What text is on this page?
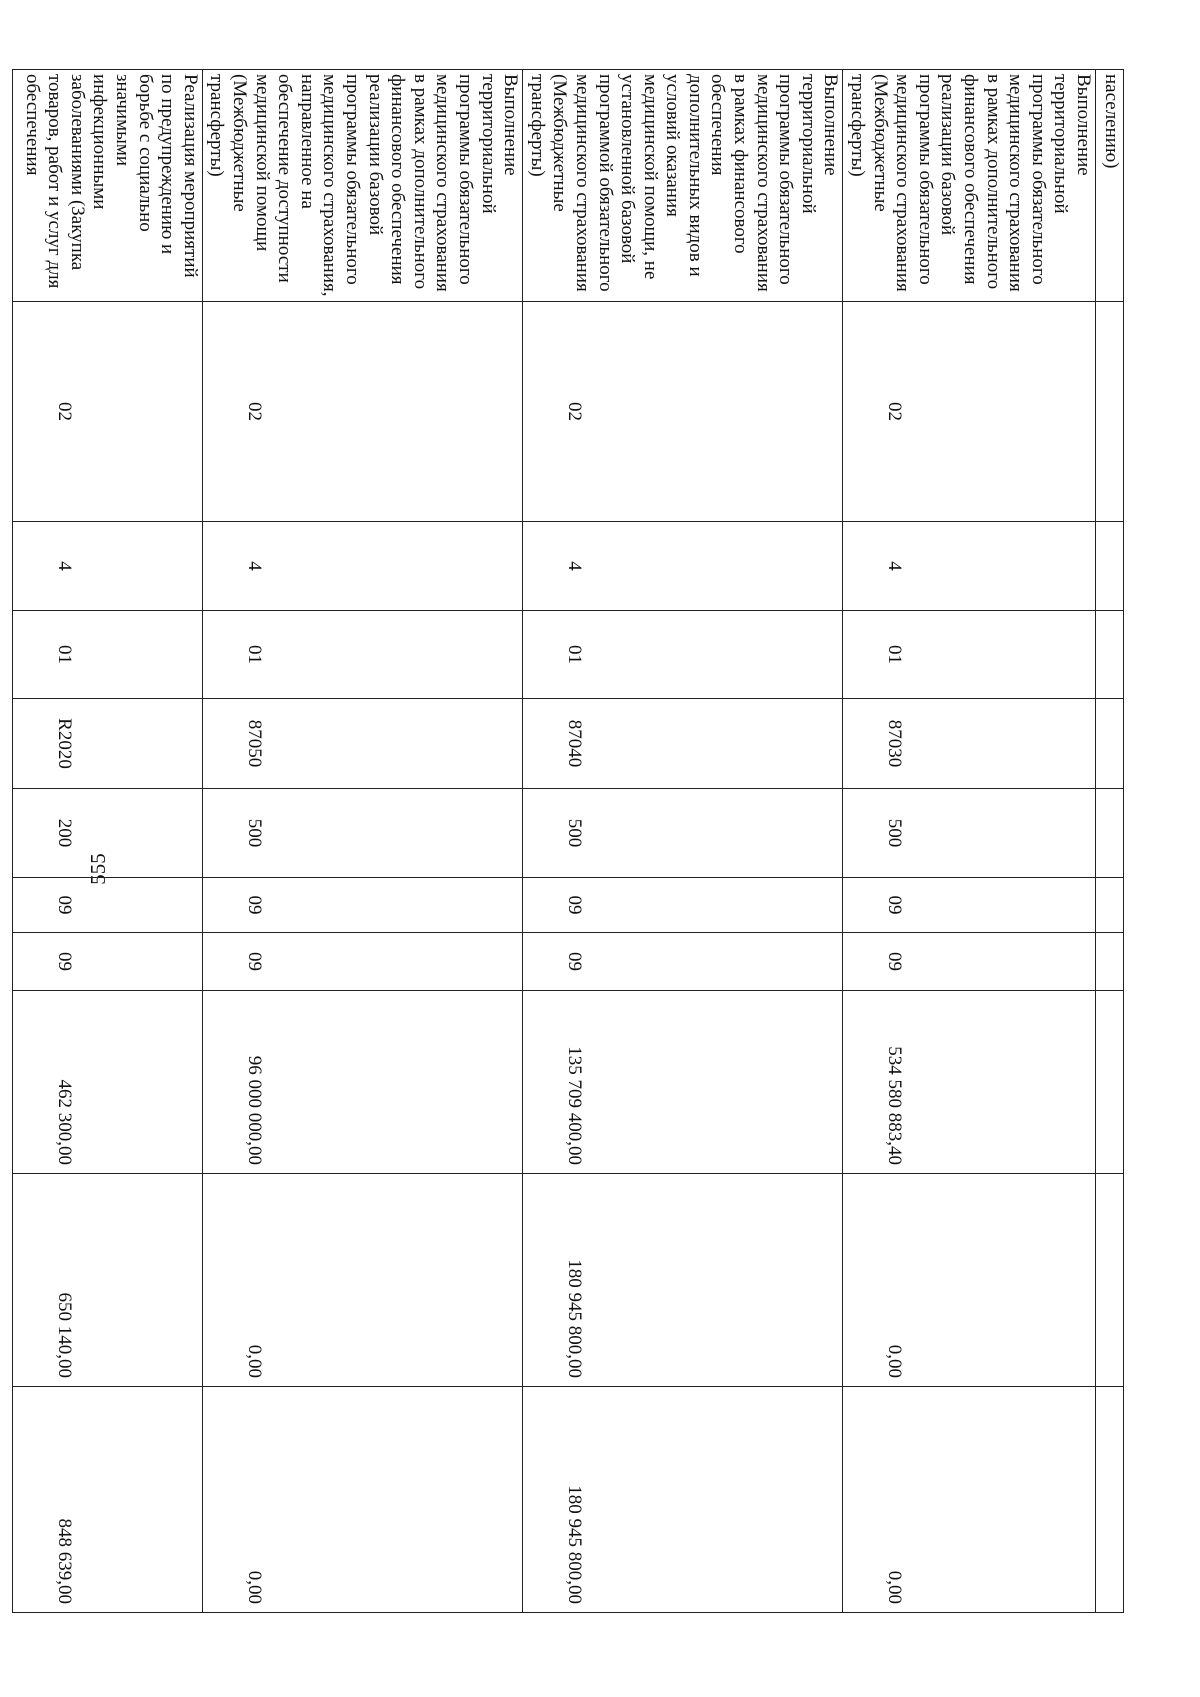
555
населению)										
Выполнение территориальной программы обязательного медицинского страхования в рамках дополнительного финансового обеспечения реализации базовой программы обязательного медицинского страхования (Межбюджетные трансферты)	02	4	01	87030	500	09	09	534 580 883,40	0,00	0,00
Выполнение территориальной программы обязательного медицинского страхования в рамках финансового обеспечения дополнительных видов и условий оказания медицинской помощи, не установленной базовой программой обязательного медицинского страхования (Межбюджетные трансферты)	02	4	01	87040	500	09	09	135 709 400,00	180 945 800,00	180 945 800,00
Выполнение территориальной программы обязательного медицинского страхования в рамках дополнительного финансового обеспечения реализации базовой программы обязательного медицинского страхования, направленное на обеспечение доступности медицинской помощи (Межбюджетные трансферты)	02	4	01	87050	500	09	09	96 000 000,00	0,00	0,00
Реализация мероприятий по предупреждению и борьбе с социально значимыми инфекционными заболеваниями (Закупка товаров, работ и услуг для обеспечения	02	4	01	R2020	200	09	09	462 300,00	650 140,00	848 639,00
